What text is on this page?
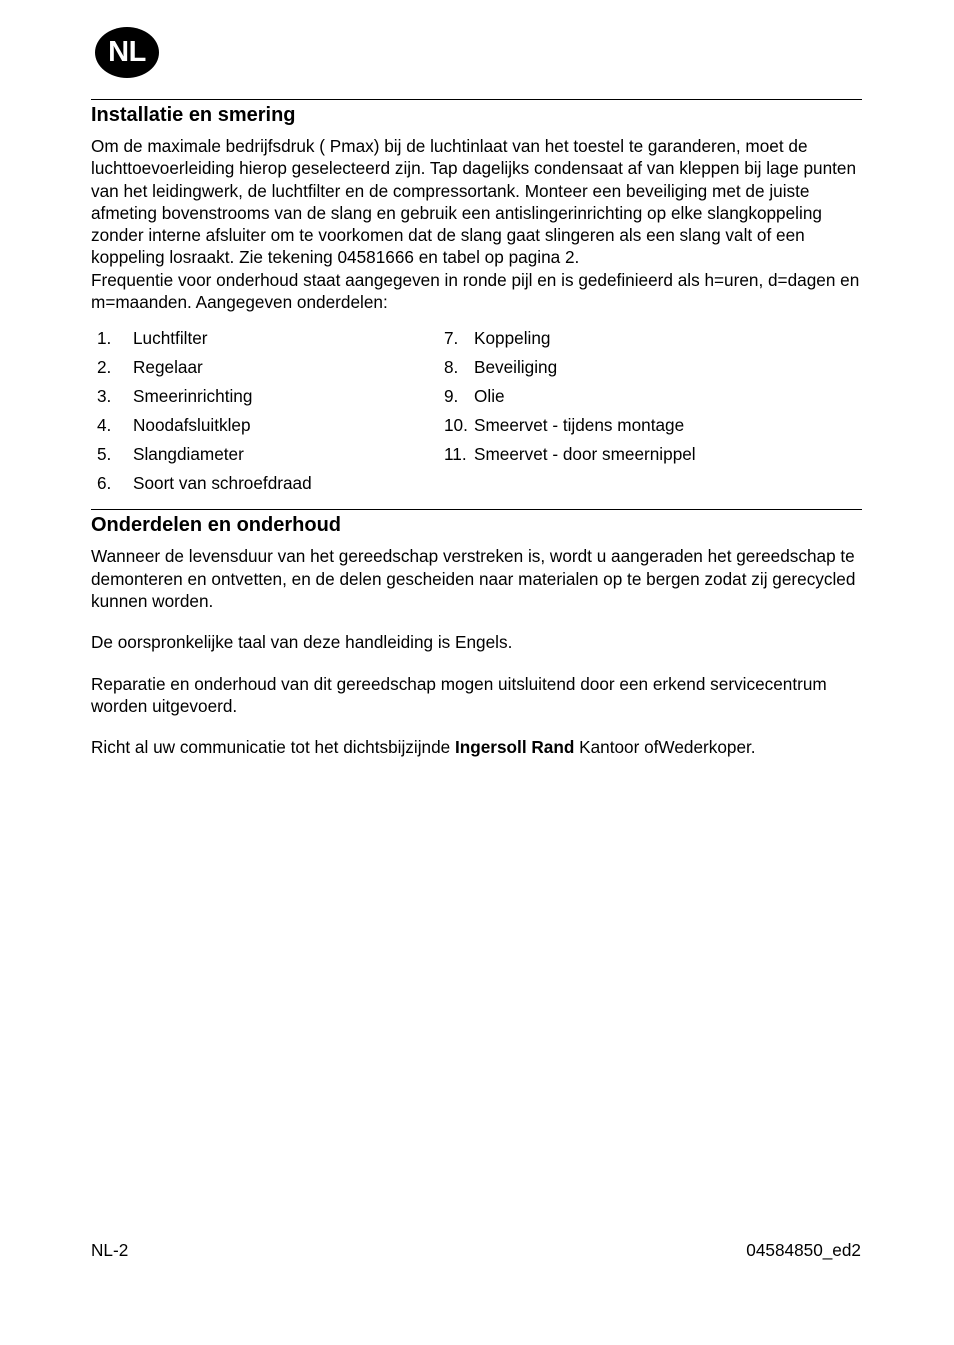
NL
Installatie en smering

Om de maximale bedrijfsdruk ( Pmax) bij de luchtinlaat van het toestel te garanderen, moet de luchttoevoerleiding hierop geselecteerd zijn. Tap dagelijks condensaat af van kleppen bij lage punten van het leidingwerk, de luchtfilter en de compressortank. Monteer een beveiliging met de juiste afmeting bovenstrooms van de slang en gebruik een antislingerinrichting op elke slangkoppeling zonder interne afsluiter om te voorkomen dat de slang gaat slingeren als een slang valt of een koppeling losraakt. Zie tekening 04581666 en tabel op pagina 2.

Frequentie voor onderhoud staat aangegeven in ronde pijl en is gedefinieerd als h=uren, d=dagen en m=maanden. Aangegeven onderdelen:

1.	Luchtfilter
2.	Regelaar
3.	Smeerinrichting
4.	Noodafsluitklep
5.	Slangdiameter
6.	Soort van schroefdraad
7. Koppeling
8. Beveiliging
9. Olie
10. Smeervet - tijdens montage
11. Smeervet - door smeernippel
Onderdelen en onderhoud

Wanneer de levensduur van het gereedschap verstreken is, wordt u aangeraden het gereedschap te demonteren en ontvetten, en de delen gescheiden naar materialen op te bergen zodat zij gerecycled kunnen worden.

De oorspronkelijke taal van deze handleiding is Engels.

Reparatie en onderhoud van dit gereedschap mogen uitsluitend door een erkend servicecentrum worden uitgevoerd.

Richt al uw communicatie tot het dichtsbijzijnde Ingersoll Rand Kantoor ofWederkoper.

NL-2	04584850_ed2
